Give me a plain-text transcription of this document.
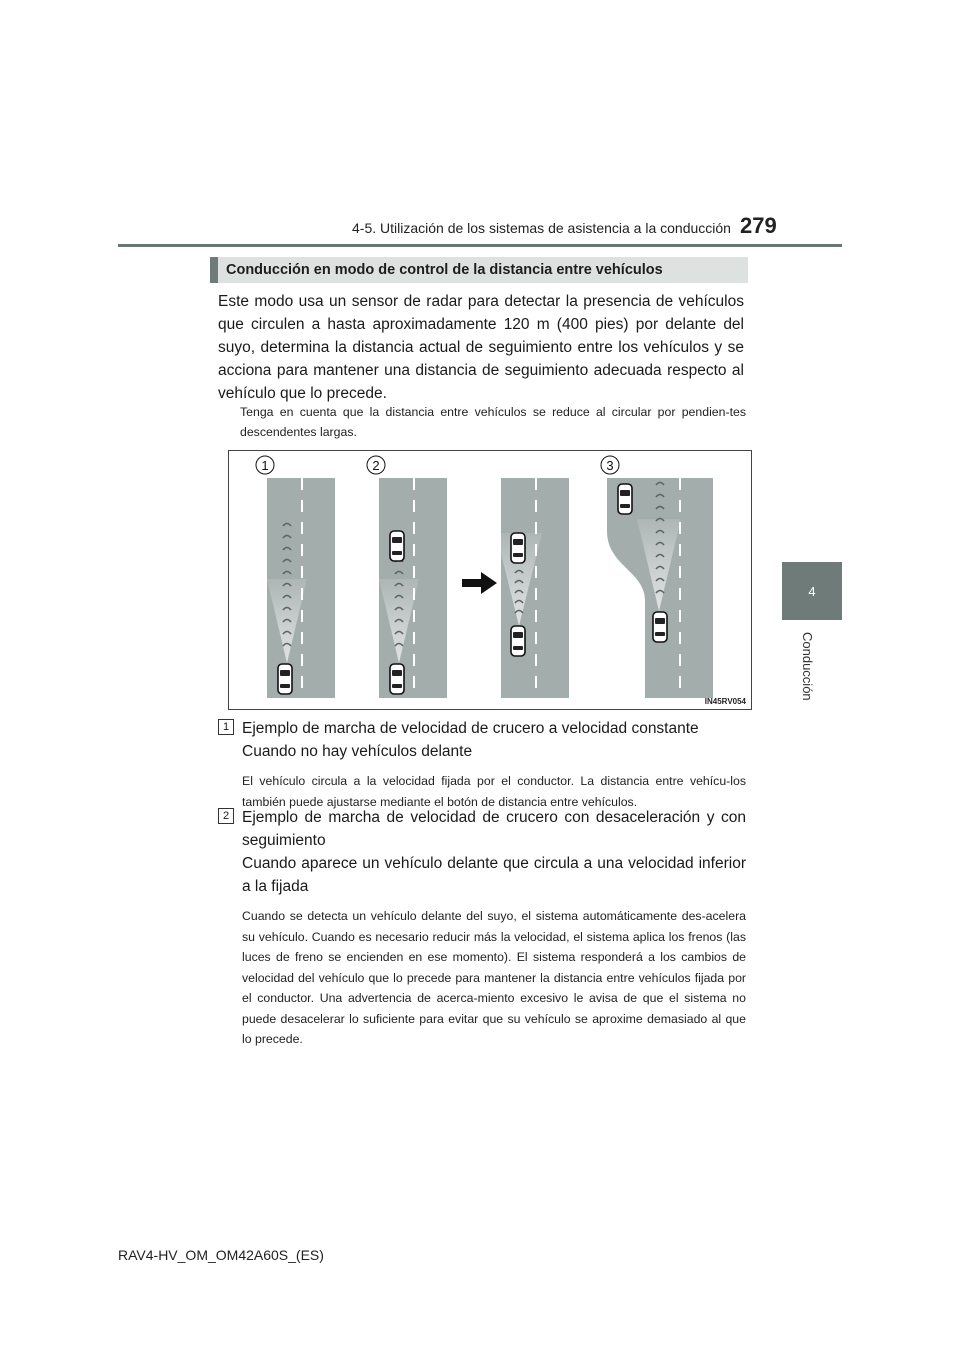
4-5. Utilización de los sistemas de asistencia a la conducción 279
4
Conducción
Conducción en modo de control de la distancia entre vehículos
Este modo usa un sensor de radar para detectar la presencia de vehículos que circulen a hasta aproximadamente 120 m (400 pies) por delante del suyo, determina la distancia actual de seguimiento entre los vehículos y se acciona para mantener una distancia de seguimiento adecuada respecto al vehículo que lo precede.
Tenga en cuenta que la distancia entre vehículos se reduce al circular por pendien-tes descendentes largas.
1	2	3
IN45RV054
1 Ejemplo de marcha de velocidad de crucero a velocidad constante
Cuando no hay vehículos delante
El vehículo circula a la velocidad fijada por el conductor. La distancia entre vehícu-los también puede ajustarse mediante el botón de distancia entre vehículos.
2 Ejemplo de marcha de velocidad de crucero con desaceleración y con seguimiento
Cuando aparece un vehículo delante que circula a una velocidad inferior a la fijada
Cuando se detecta un vehículo delante del suyo, el sistema automáticamente des-acelera su vehículo. Cuando es necesario reducir más la velocidad, el sistema aplica los frenos (las luces de freno se encienden en ese momento). El sistema responderá a los cambios de velocidad del vehículo que lo precede para mantener la distancia entre vehículos fijada por el conductor. Una advertencia de acerca-miento excesivo le avisa de que el sistema no puede desacelerar lo suficiente para evitar que su vehículo se aproxime demasiado al que lo precede.
RAV4-HV_OM_OM42A60S_(ES)
